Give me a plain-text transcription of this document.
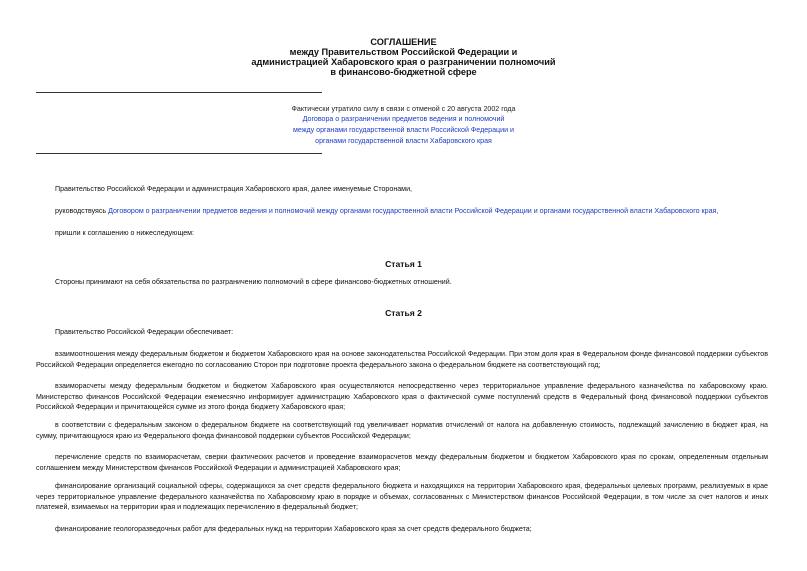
СОГЛАШЕНИЕ
между Правительством Российской Федерации и
администрацией Хабаровского края о разграничении полномочий
в финансово-бюджетной сфере
Фактически утратило силу в связи с отменой с 20 августа 2002 года
Договора о разграничении предметов ведения и полномочий
между органами государственной власти Российской Федерации и
органами государственной власти Хабаровского края
Правительство Российской Федерации и администрация Хабаровского края, далее именуемые Сторонами,
руководствуясь Договором о разграничении предметов ведения и полномочий между органами государственной власти Российской Федерации и органами государственной власти Хабаровского края,
пришли к соглашению о нижеследующем:
Статья 1
Стороны принимают на себя обязательства по разграничению полномочий в сфере финансово-бюджетных отношений.
Статья 2
Правительство Российской Федерации обеспечивает:
взаимоотношения между федеральным бюджетом и бюджетом Хабаровского края на основе законодательства Российской Федерации. При этом доля края в Федеральном фонде финансовой поддержки субъектов Российской Федерации определяется ежегодно по согласованию Сторон при подготовке проекта федерального закона о федеральном бюджете на соответствующий год;
взаиморасчеты между федеральным бюджетом и бюджетом Хабаровского края осуществляются непосредственно через территориальное управление федерального казначейства по хабаровскому краю. Министерство финансов Российской Федерации ежемесячно информирует администрацию Хабаровского края о фактической сумме поступлений средств в Федеральный фонд финансовой поддержки субъектов Российской Федерации и причитающейся сумме из этого фонда бюджету Хабаровского края;
в соответствии с федеральным законом о федеральном бюджете на соответствующий год увеличивает норматив отчислений от налога на добавленную стоимость, подлежащий зачислению в бюджет края, на сумму, причитающуюся краю из Федерального фонда финансовой поддержки субъектов Российской Федерации;
перечисление средств по взаиморасчетам, сверки фактических расчетов и проведение взаиморасчетов между федеральным бюджетом и бюджетом Хабаровского края по срокам, определенным отдельным соглашением между Министерством финансов Российской Федерации и администрацией Хабаровского края;
финансирование организаций социальной сферы, содержащихся за счет средств федерального бюджета и находящихся на территории Хабаровского края, федеральных целевых программ, реализуемых в крае через территориальное управление федерального казначейства по Хабаровскому краю в порядке и объемах, согласованных с Министерством финансов Российской Федерации, в том числе за счет налогов и иных платежей, взимаемых на территории края и подлежащих перечислению в федеральный бюджет;
финансирование геологоразведочных работ для федеральных нужд на территории Хабаровского края за счет средств федерального бюджета;
